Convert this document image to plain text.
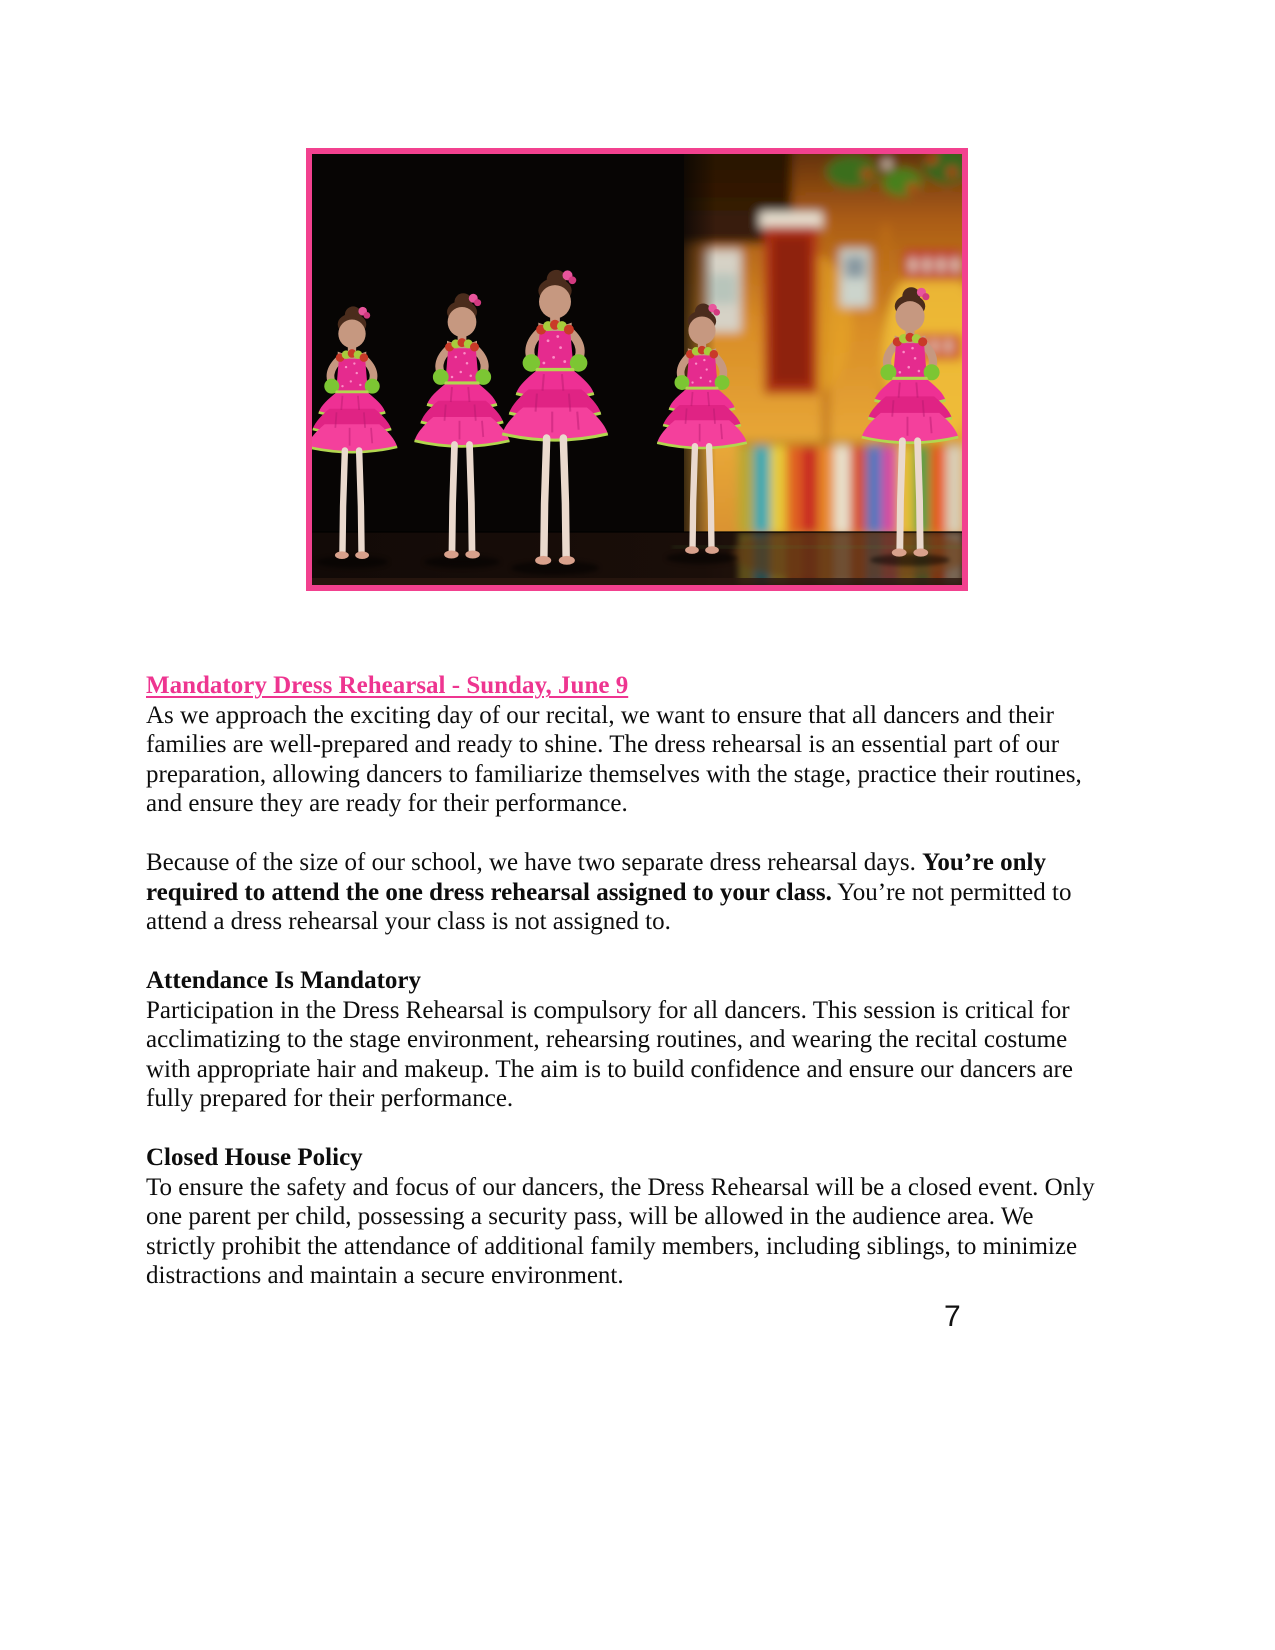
Mandatory Dress Rehearsal - Sunday, June 9

As we approach the exciting day of our recital, we want to ensure that all dancers and their families are well-prepared and ready to shine. The dress rehearsal is an essential part of our preparation, allowing dancers to familiarize themselves with the stage, practice their routines, and ensure they are ready for their performance.

Because of the size of our school, we have two separate dress rehearsal days. You’re only required to attend the one dress rehearsal assigned to your class. You’re not permitted to attend a dress rehearsal your class is not assigned to.

Attendance Is Mandatory

Participation in the Dress Rehearsal is compulsory for all dancers. This session is critical for acclimatizing to the stage environment, rehearsing routines, and wearing the recital costume with appropriate hair and makeup. The aim is to build confidence and ensure our dancers are fully prepared for their performance.

Closed House Policy

To ensure the safety and focus of our dancers, the Dress Rehearsal will be a closed event. Only one parent per child, possessing a security pass, will be allowed in the audience area. We strictly prohibit the attendance of additional family members, including siblings, to minimize distractions and maintain a secure environment.

7
